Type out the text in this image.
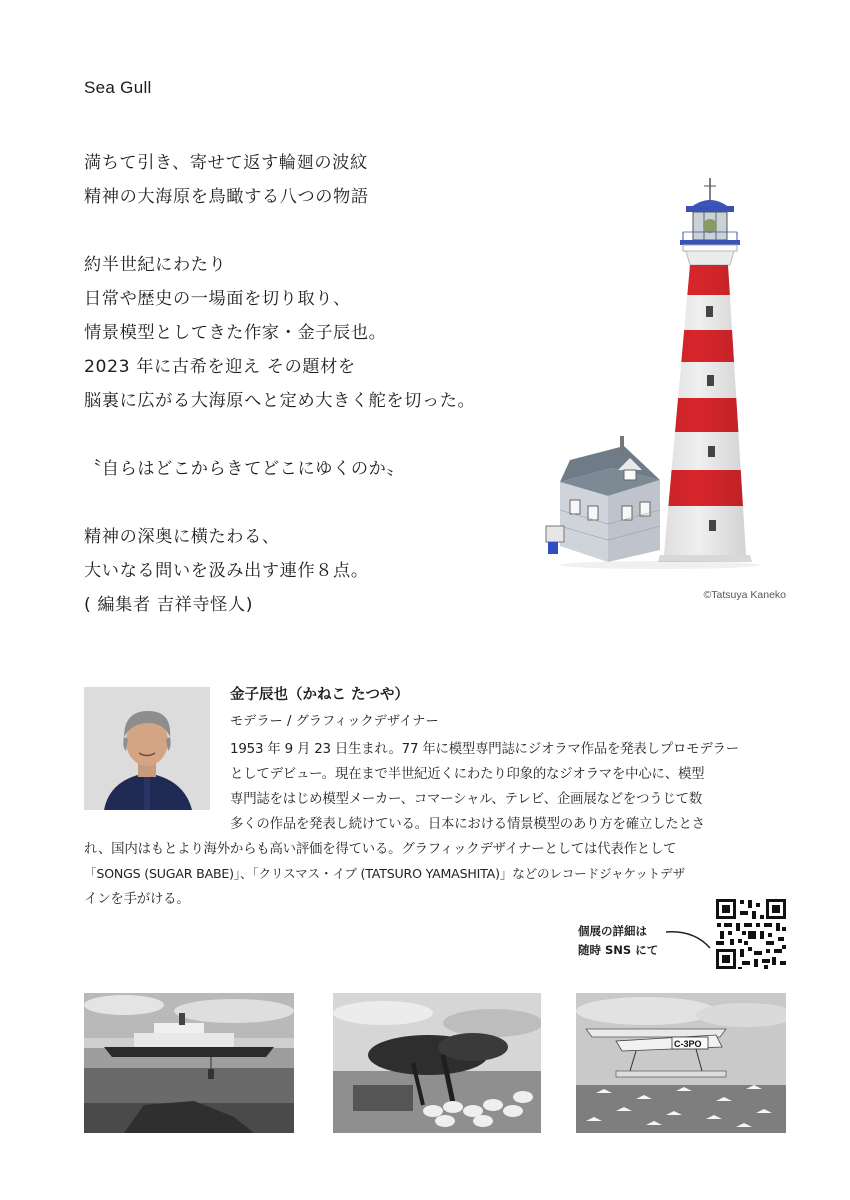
Sea Gull
満ちて引き、寄せて返す輪廻の波紋
精神の大海原を鳥瞰する八つの物語
約半世紀にわたり
日常や歴史の一場面を切り取り、
情景模型としてきた作家・金子辰也。
2023 年に古希を迎え その題材を
脳裏に広がる大海原へと定め大きく舵を切った。
〝自らはどこからきてどこにゆくのか〟
精神の深奥に横たわる、
大いなる問いを汲み出す連作８点。
( 編集者 吉祥寺怪人)	©Tatsuya Kaneko
金子辰也（かねこ たつや）
モデラー / グラフィックデザイナー
1953 年 9 月 23 日生まれ。77 年に模型専門誌にジオラマ作品を発表しプロモデラー
としてデビュー。現在まで半世紀近くにわたり印象的なジオラマを中心に、模型
専門誌をはじめ模型メーカー、コマーシャル、テレビ、企画展などをつうじて数
多くの作品を発表し続けている。日本における情景模型のあり方を確立したとさ
れ、国内はもとより海外からも高い評価を得ている。グラフィックデザイナーとしては代表作として
「SONGS (SUGAR BABE)」、「クリスマス・イブ (TATSURO YAMASHITA)」などのレコードジャケットデザ
インを手がける。
個展の詳細は
随時 SNS にて
C-3PO
